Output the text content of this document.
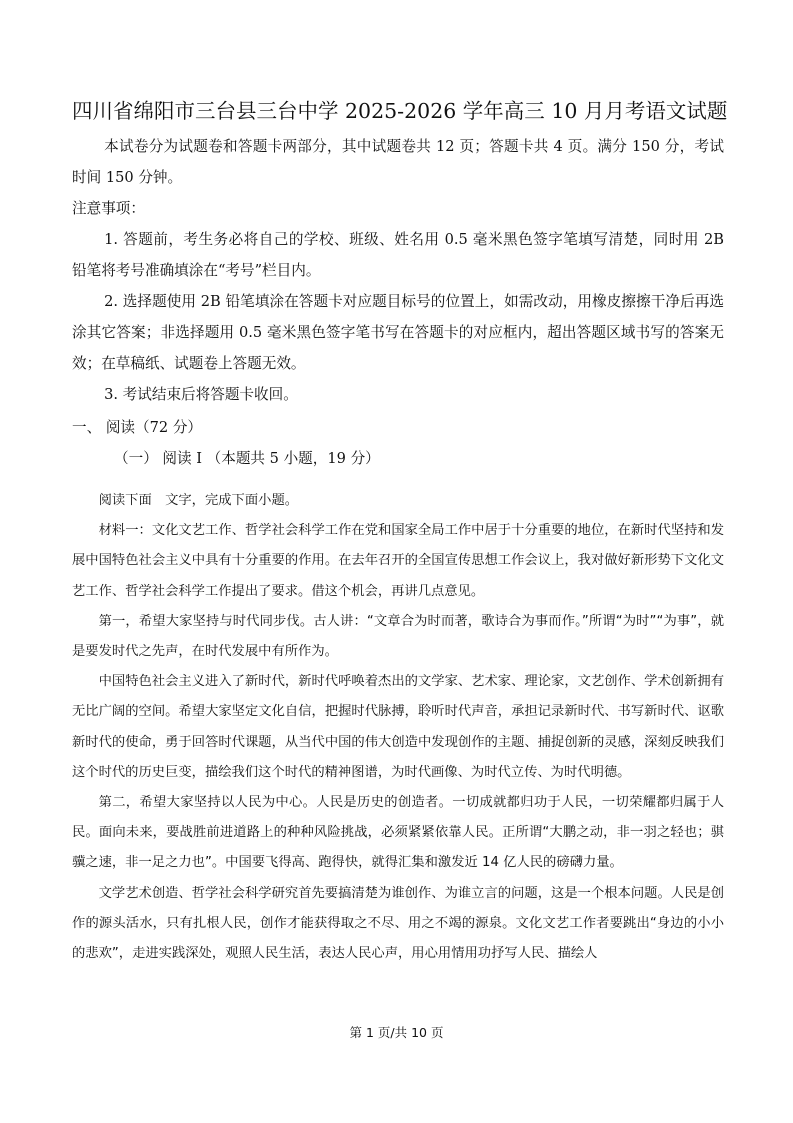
四川省绵阳市三台县三台中学 2025-2026 学年高三 10 月月考语文试题

本试卷分为试题卷和答题卡两部分，其中试题卷共 12 页；答题卡共 4 页。满分 150 分，考试时间 150 分钟。

注意事项：

1. 答题前，考生务必将自己的学校、班级、姓名用 0.5 毫米黑色签字笔填写清楚，同时用 2B 铅笔将考号准确填涂在“考号”栏目内。

2. 选择题使用 2B 铅笔填涂在答题卡对应题目标号的位置上，如需改动，用橡皮擦擦干净后再选涂其它答案；非选择题用 0.5 毫米黑色签字笔书写在答题卡的对应框内，超出答题区域书写的答案无效；在草稿纸、试题卷上答题无效。

3. 考试结束后将答题卡收回。

一、 阅读（72 分）

（一） 阅读 Ⅰ （本题共 5 小题，19 分）

阅读下面　文字，完成下面小题。

材料一：文化文艺工作、哲学社会科学工作在党和国家全局工作中居于十分重要的地位，在新时代坚持和发展中国特色社会主义中具有十分重要的作用。在去年召开的全国宣传思想工作会议上，我对做好新形势下文化文艺工作、哲学社会科学工作提出了要求。借这个机会，再讲几点意见。

第一，希望大家坚持与时代同步伐。古人讲：“文章合为时而著，歌诗合为事而作。”所谓“为时”“为事”，就是要发时代之先声，在时代发展中有所作为。

中国特色社会主义进入了新时代，新时代呼唤着杰出的文学家、艺术家、理论家，文艺创作、学术创新拥有无比广阔的空间。希望大家坚定文化自信，把握时代脉搏，聆听时代声音，承担记录新时代、书写新时代、讴歌新时代的使命，勇于回答时代课题，从当代中国的伟大创造中发现创作的主题、捕捉创新的灵感，深刻反映我们这个时代的历史巨变，描绘我们这个时代的精神图谱，为时代画像、为时代立传、为时代明德。

第二，希望大家坚持以人民为中心。人民是历史的创造者。一切成就都归功于人民，一切荣耀都归属于人民。面向未来，要战胜前进道路上的种种风险挑战，必须紧紧依靠人民。正所谓“大鹏之动，非一羽之轻也；骐骥之速，非一足之力也”。中国要飞得高、跑得快，就得汇集和激发近 14 亿人民的磅礴力量。

文学艺术创造、哲学社会科学研究首先要搞清楚为谁创作、为谁立言的问题，这是一个根本问题。人民是创作的源头活水，只有扎根人民，创作才能获得取之不尽、用之不竭的源泉。文化文艺工作者要跳出“身边的小小的悲欢”，走进实践深处，观照人民生活，表达人民心声，用心用情用功抒写人民、描绘人

第 1 页/共 10 页
